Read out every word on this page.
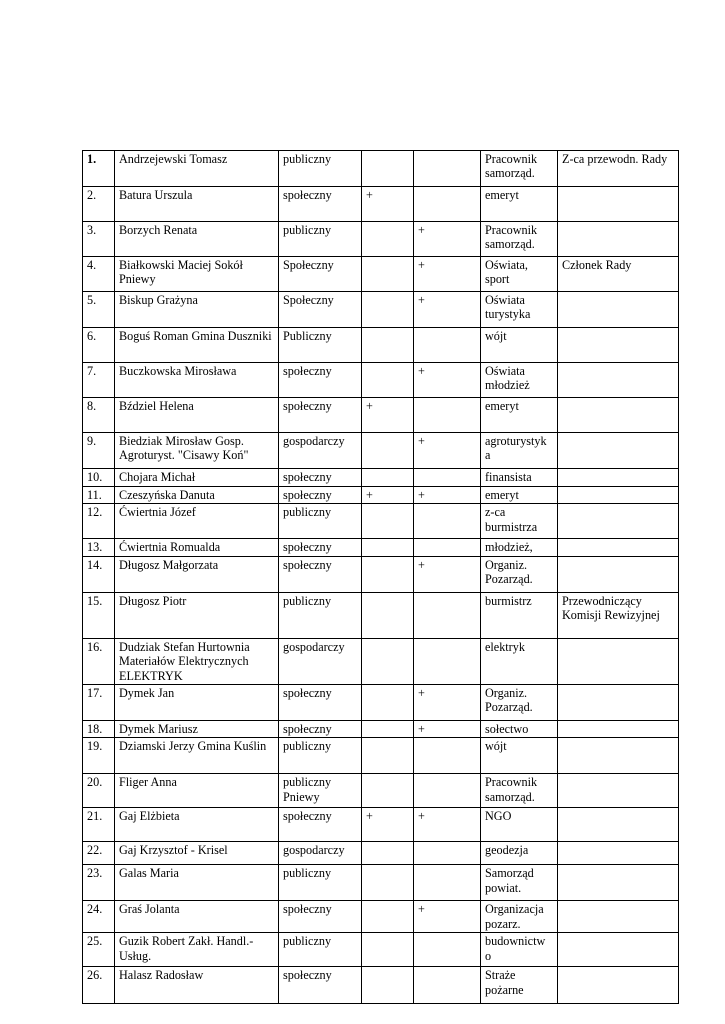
1.	Andrzejewski Tomasz	publiczny			Pracownik samorząd.	Z-ca przewodn. Rady
2.	Batura Urszula	społeczny	+		emeryt	
3.	Borzych Renata	publiczny		+	Pracownik samorząd.	
4.	Białkowski Maciej Sokół Pniewy	Społeczny		+	Oświata, sport	Członek Rady
5.	Biskup Grażyna	Społeczny		+	Oświata turystyka	
6.	Boguś Roman Gmina Duszniki	Publiczny			wójt	
7.	Buczkowska Mirosława	społeczny		+	Oświata młodzież	
8.	Bździel Helena	społeczny	+		emeryt	
9.	Biedziak Mirosław Gosp. Agroturyst. "Cisawy Koń"	gospodarczy		+	agroturystyk a	
10.	Chojara Michał	społeczny			finansista	
11.	Czeszyńska Danuta	społeczny	+	+	emeryt	
12.	Ćwiertnia Józef	publiczny			z-ca burmistrza	
13.	Ćwiertnia Romualda	społeczny			młodzież,	
14.	Długosz Małgorzata	społeczny		+	Organiz. Pozarząd.	
15.	Długosz Piotr	publiczny			burmistrz	Przewodniczący Komisji Rewizyjnej
16.	Dudziak Stefan Hurtownia Materiałów Elektrycznych ELEKTRYK	gospodarczy			elektryk	
17.	Dymek Jan	społeczny		+	Organiz. Pozarząd.	
18.	Dymek Mariusz	społeczny		+	sołectwo	
19.	Dziamski Jerzy Gmina Kuślin	publiczny			wójt	
20.	Fliger Anna	publiczny Pniewy			Pracownik samorząd.	
21.	Gaj Elżbieta	społeczny	+	+	NGO	
22.	Gaj Krzysztof - Krisel	gospodarczy			geodezja	
23.	Galas Maria	publiczny			Samorząd powiat.	
24.	Graś Jolanta	społeczny		+	Organizacja pozarz.	
25.	Guzik Robert Zakł. Handl.-Usług.	publiczny			budownictw o	
26.	Halasz Radosław	społeczny			Straże pożarne	
